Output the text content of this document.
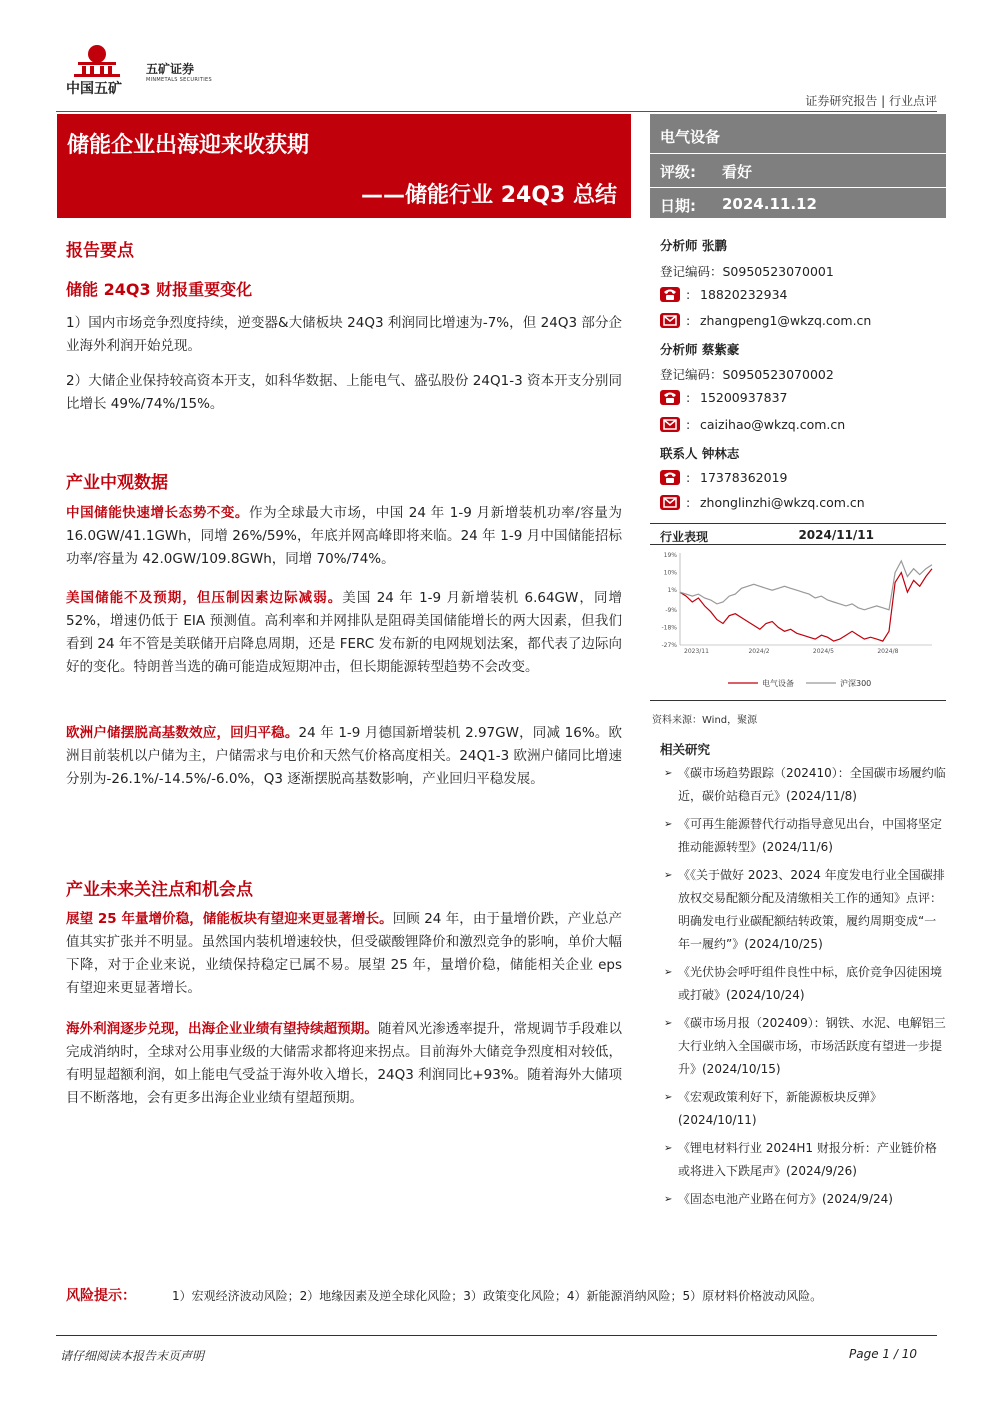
中国五矿
五矿证券
MINMETALS SECURITIES
证券研究报告 | 行业点评
储能企业出海迎来收获期
——储能行业 24Q3 总结
电气设备
评级: 看好
日期: 2024.11.12
报告要点
储能 24Q3 财报重要变化
1）国内市场竞争烈度持续，逆变器&大储板块 24Q3 利润同比增速为-7%，但 24Q3 部分企业海外利润开始兑现。
2）大储企业保持较高资本开支，如科华数据、上能电气、盛弘股份 24Q1-3 资本开支分别同比增长 49%/74%/15%。
产业中观数据
中国储能快速增长态势不变。作为全球最大市场，中国 24 年 1-9 月新增装机功率/容量为 16.0GW/41.1GWh，同增 26%/59%，年底并网高峰即将来临。24 年 1-9 月中国储能招标功率/容量为 42.0GW/109.8GWh，同增 70%/74%。
美国储能不及预期，但压制因素边际减弱。美国 24 年 1-9 月新增装机 6.64GW，同增 52%，增速仍低于 EIA 预测值。高利率和并网排队是阻碍美国储能增长的两大因素，但我们看到 24 年不管是美联储开启降息周期，还是 FERC 发布新的电网规划法案，都代表了边际向好的变化。特朗普当选的确可能造成短期冲击，但长期能源转型趋势不会改变。
欧洲户储摆脱高基数效应，回归平稳。24 年 1-9 月德国新增装机 2.97GW，同减 16%。欧洲目前装机以户储为主，户储需求与电价和天然气价格高度相关。24Q1-3 欧洲户储同比增速分别为-26.1%/-14.5%/-6.0%，Q3 逐渐摆脱高基数影响，产业回归平稳发展。
产业未来关注点和机会点
展望 25 年量增价稳，储能板块有望迎来更显著增长。回顾 24 年，由于量增价跌，产业总产值其实扩张并不明显。虽然国内装机增速较快，但受碳酸锂降价和激烈竞争的影响，单价大幅下降，对于企业来说，业绩保持稳定已属不易。展望 25 年，量增价稳，储能相关企业 eps 有望迎来更显著增长。
海外利润逐步兑现，出海企业业绩有望持续超预期。随着风光渗透率提升，常规调节手段难以完成消纳时，全球对公用事业级的大储需求都将迎来拐点。目前海外大储竞争烈度相对较低，有明显超额利润，如上能电气受益于海外收入增长，24Q3 利润同比+93%。随着海外大储项目不断落地，会有更多出海企业业绩有望超预期。
分析师 张鹏
登记编码：S0950523070001
: 18820232934
: zhangpeng1@wkzq.com.cn
分析师 蔡紫豪
登记编码：S0950523070002
: 15200937837
: caizihao@wkzq.com.cn
联系人 钟林志
: 17378362019
: zhonglinzhi@wkzq.com.cn
行业表现	2024/11/11
19%
10%
1%
-9%
-18%
-27%
2023/11	2024/2	2024/5	2024/8
电气设备	沪深300
资料来源：Wind，聚源
相关研究
➢ 《碳市场趋势跟踪（202410）：全国碳市场履约临近，碳价站稳百元》(2024/11/8)
➢ 《可再生能源替代行动指导意见出台，中国将坚定推动能源转型》(2024/11/6)
➢ 《《关于做好 2023、2024 年度发电行业全国碳排放权交易配额分配及清缴相关工作的通知》点评：明确发电行业碳配额结转政策，履约周期变成“一年一履约”》(2024/10/25)
➢ 《光伏协会呼吁组件良性中标，底价竞争囚徒困境或打破》(2024/10/24)
➢ 《碳市场月报（202409）：钢铁、水泥、电解铝三大行业纳入全国碳市场，市场活跃度有望进一步提升》(2024/10/15)
➢ 《宏观政策利好下，新能源板块反弹》(2024/10/11)
➢ 《锂电材料行业 2024H1 财报分析：产业链价格或将进入下跌尾声》(2024/9/26)
➢ 《固态电池产业路在何方》(2024/9/24)
风险提示：	1）宏观经济波动风险；2）地缘因素及逆全球化风险；3）政策变化风险；4）新能源消纳风险；5）原材料价格波动风险。
请仔细阅读本报告末页声明	Page 1 / 10
